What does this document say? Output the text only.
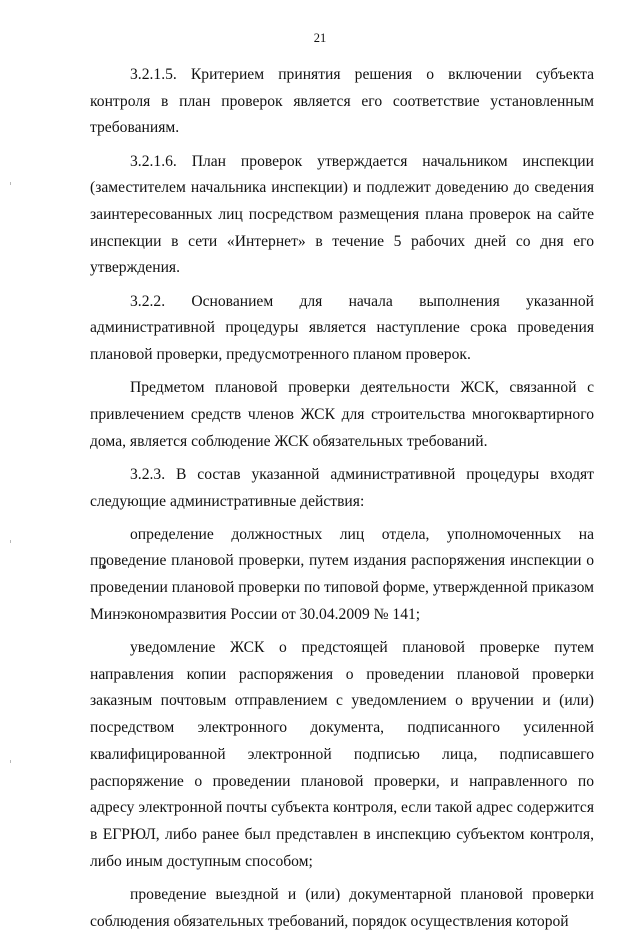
21

3.2.1.5. Критерием принятия решения о включении субъекта контроля в план проверок является его соответствие установленным требованиям.

3.2.1.6. План проверок утверждается начальником инспекции (заместителем начальника инспекции) и подлежит доведению до сведения заинтересованных лиц посредством размещения плана проверок на сайте инспекции в сети «Интернет» в течение 5 рабочих дней со дня его утверждения.

3.2.2. Основанием для начала выполнения указанной административной процедуры является наступление срока проведения плановой проверки, предусмотренного планом проверок.

Предметом плановой проверки деятельности ЖСК, связанной с привлечением средств членов ЖСК для строительства многоквартирного дома, является соблюдение ЖСК обязательных требований.

3.2.3. В состав указанной административной процедуры входят следующие административные действия:

определение должностных лиц отдела, уполномоченных на проведение плановой проверки, путем издания распоряжения инспекции о проведении плановой проверки по типовой форме, утвержденной приказом Минэкономразвития России от 30.04.2009 № 141;

уведомление ЖСК о предстоящей плановой проверке путем направления копии распоряжения о проведении плановой проверки заказным почтовым отправлением с уведомлением о вручении и (или) посредством электронного документа, подписанного усиленной квалифицированной электронной подписью лица, подписавшего распоряжение о проведении плановой проверки, и направленного по адресу электронной почты субъекта контроля, если такой адрес содержится в ЕГРЮЛ, либо ранее был представлен в инспекцию субъектом контроля, либо иным доступным способом;

проведение выездной и (или) документарной плановой проверки соблюдения обязательных требований, порядок осуществления которой
